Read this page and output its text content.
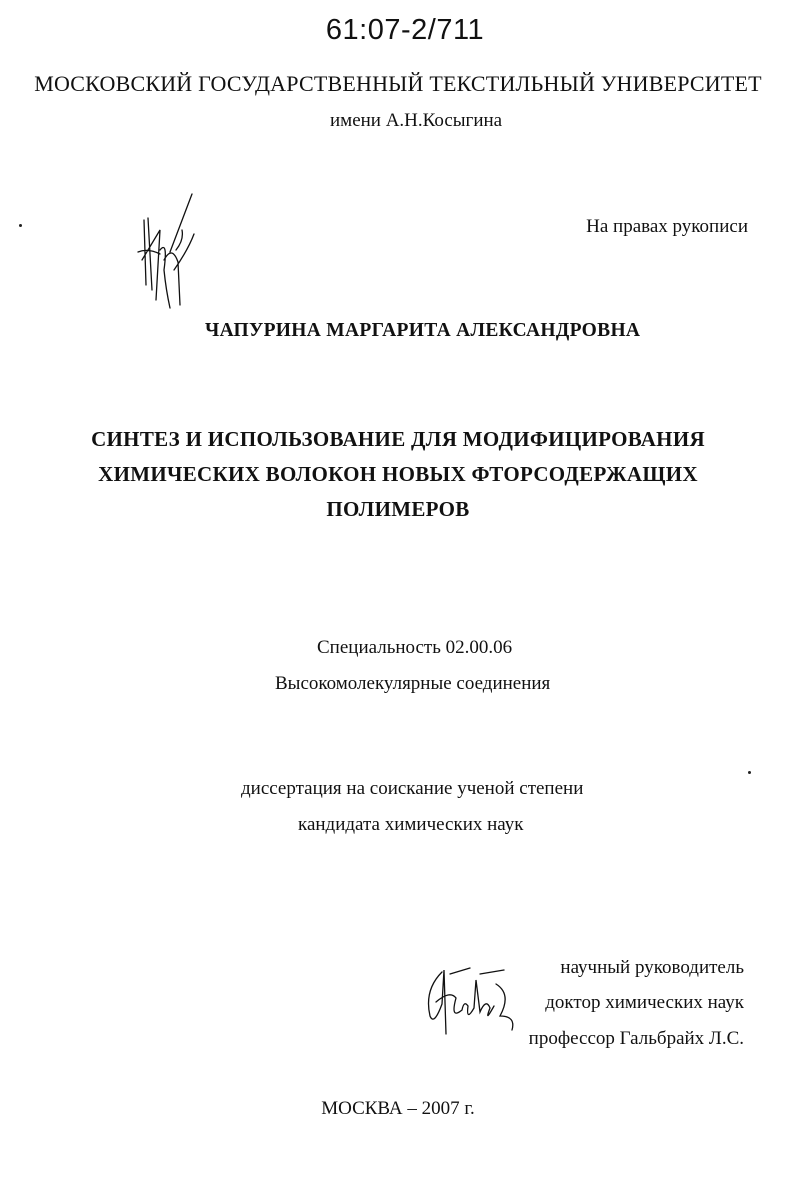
61:07-2/711
МОСКОВСКИЙ ГОСУДАРСТВЕННЫЙ ТЕКСТИЛЬНЫЙ УНИВЕРСИТЕТ
имени А.Н.Косыгина
На правах рукописи
ЧАПУРИНА МАРГАРИТА АЛЕКСАНДРОВНА
СИНТЕЗ И ИСПОЛЬЗОВАНИЕ ДЛЯ МОДИФИЦИРОВАНИЯ
ХИМИЧЕСКИХ ВОЛОКОН НОВЫХ ФТОРСОДЕРЖАЩИХ
ПОЛИМЕРОВ
Специальность 02.00.06
Высокомолекулярные соединения
диссертация на соискание ученой степени
кандидата химических наук
научный руководитель
доктор химических наук
профессор Гальбрайх Л.С.
МОСКВА – 2007 г.
